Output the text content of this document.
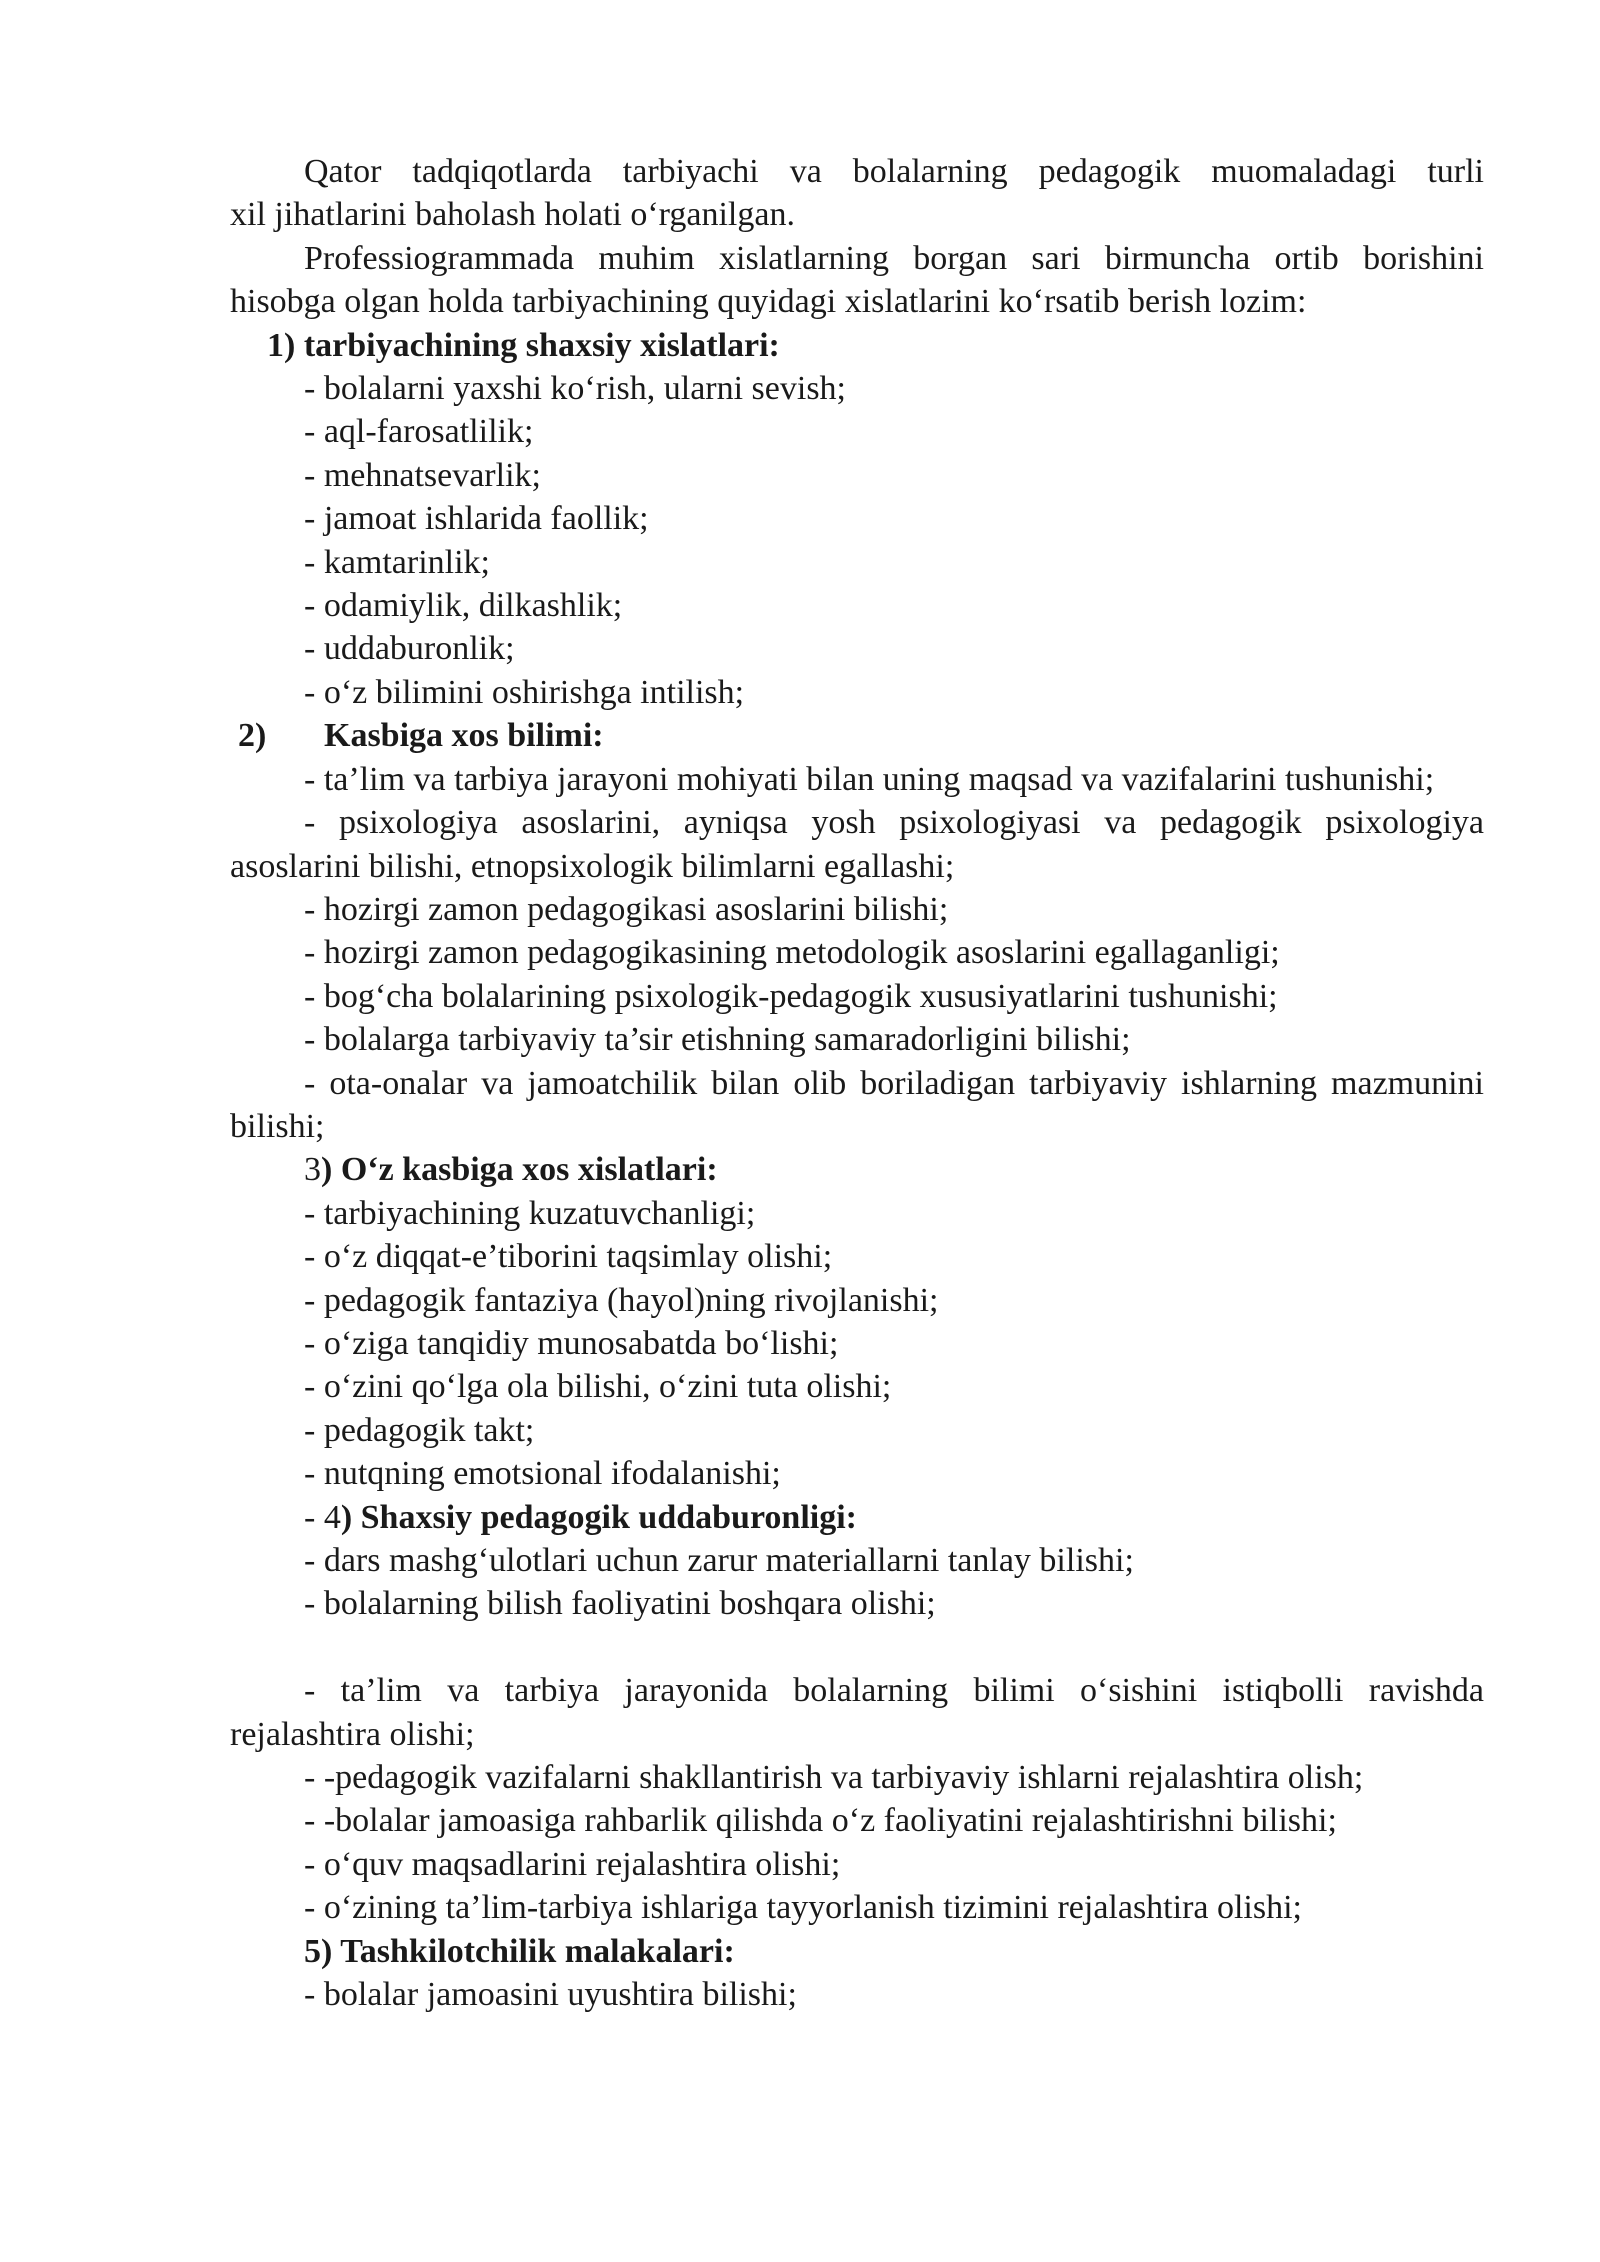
Qator tadqiqotlarda tarbiyachi va bolalarning pedagogik muomaladagi turli

xil jihatlarini baholash holati o‘rganilgan.

Professiogrammada muhim xislatlarning borgan sari birmuncha ortib borishini hisobga olgan holda tarbiyachining quyidagi xislatlarini ko‘rsatib berish lozim:

1) tarbiyachining shaxsiy xislatlari:

- bolalarni yaxshi ko‘rish, ularni sevish;

- aql-farosatlilik;

- mehnatsevarlik;

- jamoat ishlarida faollik;

- kamtarinlik;

- odamiylik, dilkashlik;

- uddaburonlik;

- o‘z bilimini oshirishga intilish;

2) Kasbiga xos bilimi:

- ta’lim va tarbiya jarayoni mohiyati bilan uning maqsad va vazifalarini tushunishi;

- psixologiya asoslarini, ayniqsa yosh psixologiyasi va pedagogik psixologiya asoslarini bilishi, etnopsixologik bilimlarni egallashi;

- hozirgi zamon pedagogikasi asoslarini bilishi;

- hozirgi zamon pedagogikasining metodologik asoslarini egallaganligi;

- bog‘cha bolalarining psixologik-pedagogik xususiyatlarini tushunishi;

- bolalarga tarbiyaviy ta’sir etishning samaradorligini bilishi;

- ota-onalar va jamoatchilik bilan olib boriladigan tarbiyaviy ishlarning mazmunini bilishi;

3) O‘z kasbiga xos xislatlari:

- tarbiyachining kuzatuvchanligi;

- o‘z diqqat-e’tiborini taqsimlay olishi;

- pedagogik fantaziya (hayol)ning rivojlanishi;

- o‘ziga tanqidiy munosabatda bo‘lishi;

- o‘zini qo‘lga ola bilishi, o‘zini tuta olishi;

- pedagogik takt;

- nutqning emotsional ifodalanishi;

- 4) Shaxsiy pedagogik uddaburonligi:

- dars mashg‘ulotlari uchun zarur materiallarni tanlay bilishi;

- bolalarning bilish faoliyatini boshqara olishi;

- ta’lim va tarbiya jarayonida bolalarning bilimi o‘sishini istiqbolli ravishda rejalashtira olishi;

- -pedagogik vazifalarni shakllantirish va tarbiyaviy ishlarni rejalashtira olish;

- -bolalar jamoasiga rahbarlik qilishda o‘z faoliyatini rejalashtirishni bilishi;

- o‘quv maqsadlarini rejalashtira olishi;

- o‘zining ta’lim-tarbiya ishlariga tayyorlanish tizimini rejalashtira olishi;

5) Tashkilotchilik malakalari:

- bolalar jamoasini uyushtira bilishi;
